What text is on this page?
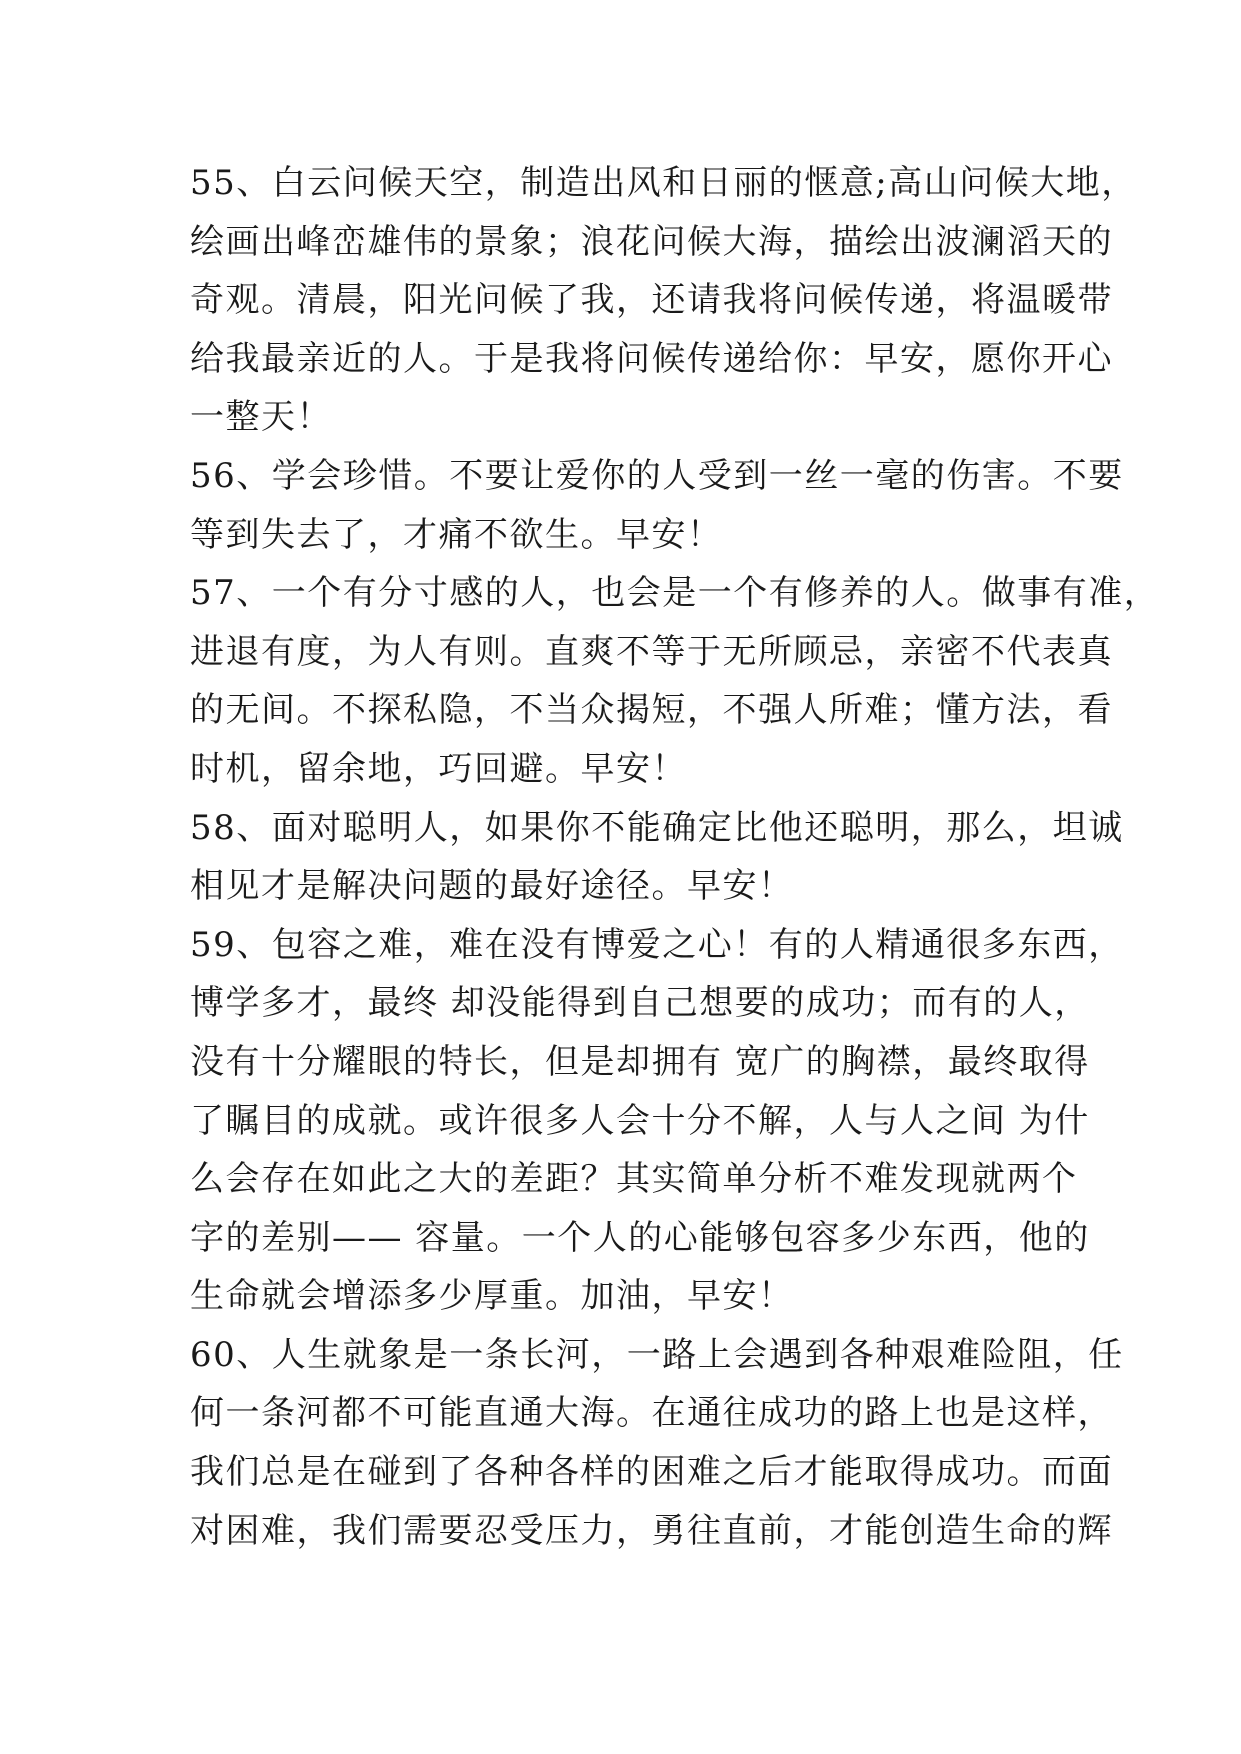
55、白云问候天空，制造出风和日丽的惬意;高山问候大地，
绘画出峰峦雄伟的景象；浪花问候大海，描绘出波澜滔天的
奇观。清晨，阳光问候了我，还请我将问候传递，将温暖带
给我最亲近的人。于是我将问候传递给你：早安，愿你开心
一整天！
56、学会珍惜。不要让爱你的人受到一丝一毫的伤害。不要
等到失去了，才痛不欲生。早安！
57、一个有分寸感的人，也会是一个有修养的人。做事有准，
进退有度，为人有则。直爽不等于无所顾忌，亲密不代表真
的无间。不探私隐，不当众揭短，不强人所难；懂方法，看
时机，留余地，巧回避。早安！
58、面对聪明人，如果你不能确定比他还聪明，那么，坦诚
相见才是解决问题的最好途径。早安！
59、包容之难，难在没有博爱之心！有的人精通很多东西，
博学多才，最终 却没能得到自己想要的成功；而有的人，
没有十分耀眼的特长，但是却拥有 宽广的胸襟，最终取得
了瞩目的成就。或许很多人会十分不解，人与人之间 为什
么会存在如此之大的差距？其实简单分析不难发现就两个
字的差别—— 容量。一个人的心能够包容多少东西，他的
生命就会增添多少厚重。加油，早安！
60、人生就象是一条长河，一路上会遇到各种艰难险阻，任
何一条河都不可能直通大海。在通往成功的路上也是这样，
我们总是在碰到了各种各样的困难之后才能取得成功。而面
对困难，我们需要忍受压力，勇往直前，才能创造生命的辉
